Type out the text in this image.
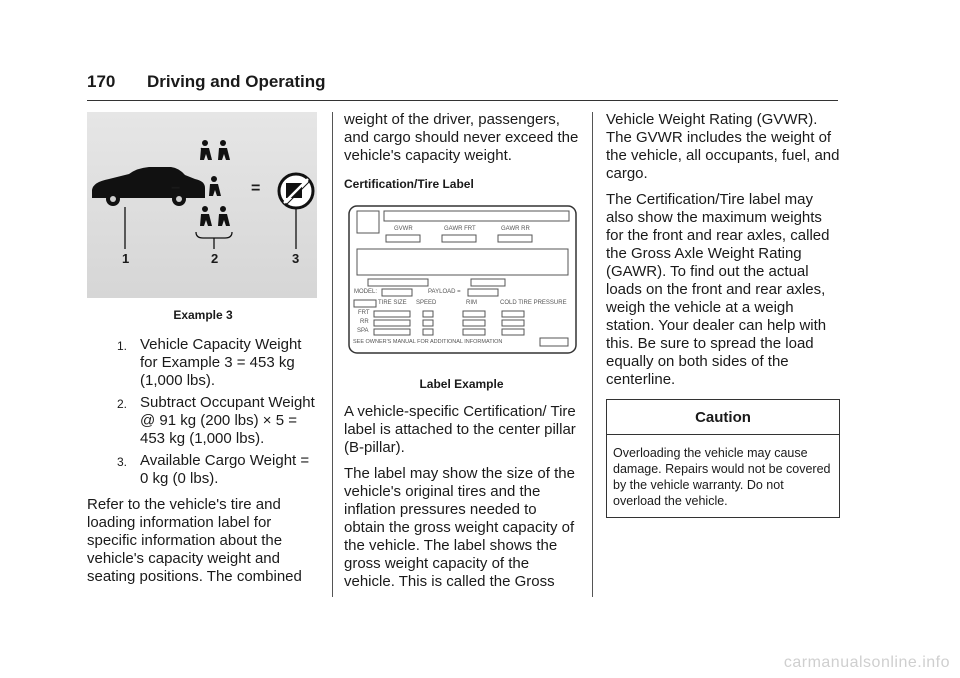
170 Driving and Operating
−	=
1	2	3
Example 3
1. Vehicle Capacity Weight for Example 3 = 453 kg (1,000 lbs).
2. Subtract Occupant Weight @ 91 kg (200 lbs) × 5 = 453 kg (1,000 lbs).
3. Available Cargo Weight = 0 kg (0 lbs).

Refer to the vehicle's tire and loading information label for specific information about the vehicle's capacity weight and seating positions. The combined

weight of the driver, passengers, and cargo should never exceed the vehicle's capacity weight.

Certification/Tire Label
GVWR	GAWR FRT	GAWR RR
MODEL:	PAYLOAD =
TIRE SIZE SPEED	RIM	COLD TIRE PRESSURE
FRT
RR
SPA
SEE OWNER'S MANUAL FOR ADDITIONAL INFORMATION
Label Example

A vehicle-specific Certification/ Tire label is attached to the center pillar (B-pillar).

The label may show the size of the vehicle's original tires and the inflation pressures needed to obtain the gross weight capacity of the vehicle. The label shows the gross weight capacity of the vehicle. This is called the Gross

Vehicle Weight Rating (GVWR). The GVWR includes the weight of the vehicle, all occupants, fuel, and cargo.

The Certification/Tire label may also show the maximum weights for the front and rear axles, called the Gross Axle Weight Rating (GAWR). To find out the actual loads on the front and rear axles, weigh the vehicle at a weigh station. Your dealer can help with this. Be sure to spread the load equally on both sides of the centerline.

Caution
Overloading the vehicle may cause damage. Repairs would not be covered by the vehicle warranty. Do not overload the vehicle.
carmanualsonline.info
